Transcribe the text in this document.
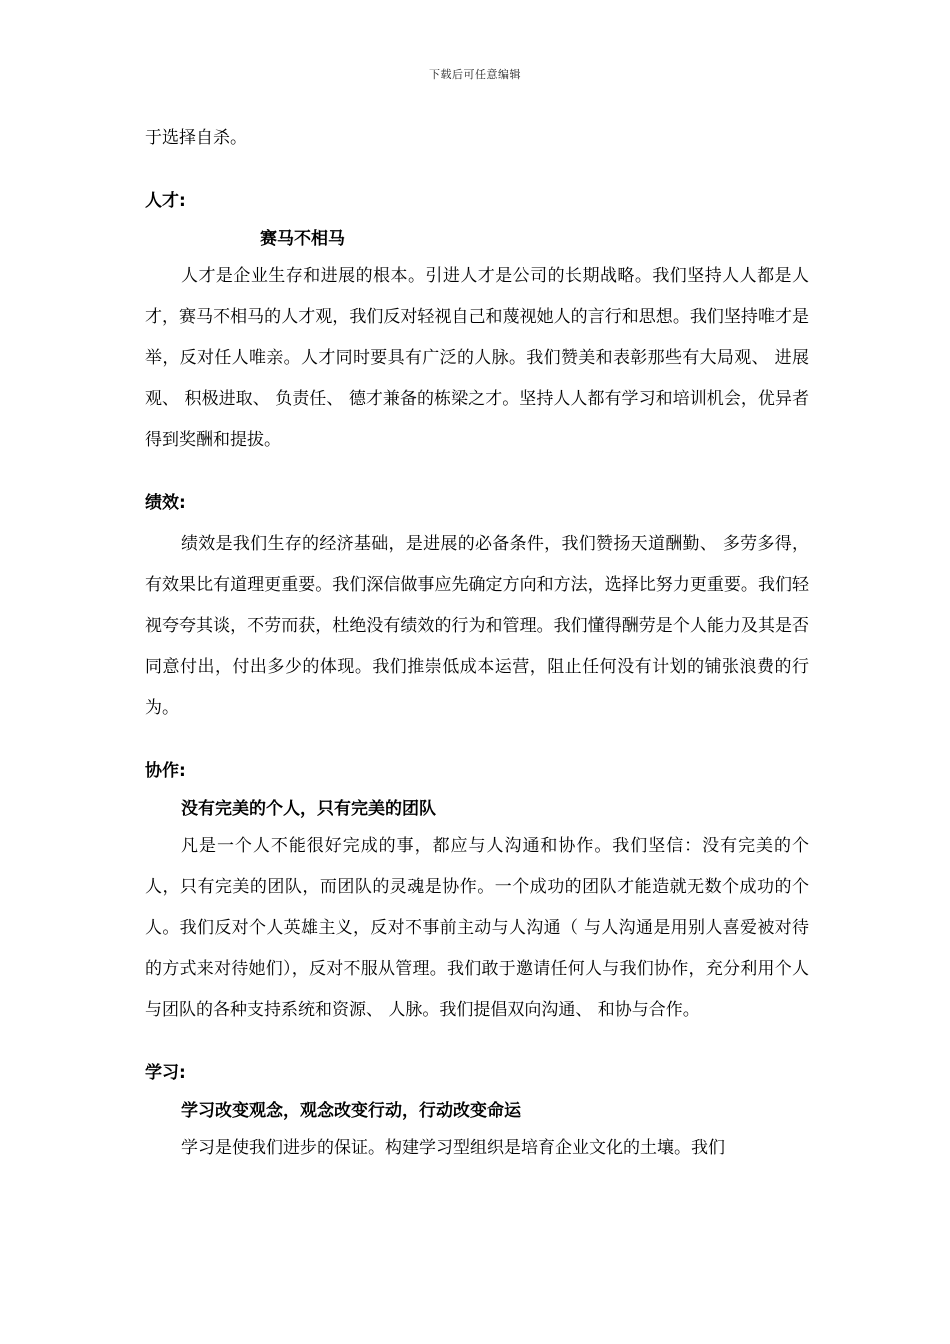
下载后可任意编辑

于选择自杀。

人才:

赛马不相马

人才是企业生存和进展的根本。引进人才是公司的长期战略。我们坚持人人都是人才，赛马不相马的人才观，我们反对轻视自己和蔑视她人的言行和思想。我们坚持唯才是举，反对任人唯亲。人才同时要具有广泛的人脉。我们赞美和表彰那些有大局观、 进展观、 积极进取、 负责任、 德才兼备的栋梁之才。坚持人人都有学习和培训机会，优异者得到奖酬和提拔。

绩效:

绩效是我们生存的经济基础，是进展的必备条件，我们赞扬天道酬勤、 多劳多得，有效果比有道理更重要。我们深信做事应先确定方向和方法，选择比努力更重要。我们轻视夸夸其谈，不劳而获，杜绝没有绩效的行为和管理。我们懂得酬劳是个人能力及其是否同意付出，付出多少的体现。我们推崇低成本运营，阻止任何没有计划的铺张浪费的行为。

协作:

没有完美的个人，只有完美的团队

凡是一个人不能很好完成的事，都应与人沟通和协作。我们坚信：没有完美的个人，只有完美的团队，而团队的灵魂是协作。一个成功的团队才能造就无数个成功的个人。我们反对个人英雄主义，反对不事前主动与人沟通（ 与人沟通是用别人喜爱被对待的方式来对待她们），反对不服从管理。我们敢于邀请任何人与我们协作，充分利用个人与团队的各种支持系统和资源、 人脉。我们提倡双向沟通、 和协与合作。

学习:

学习改变观念，观念改变行动，行动改变命运

学习是使我们进步的保证。构建学习型组织是培育企业文化的土壤。我们
